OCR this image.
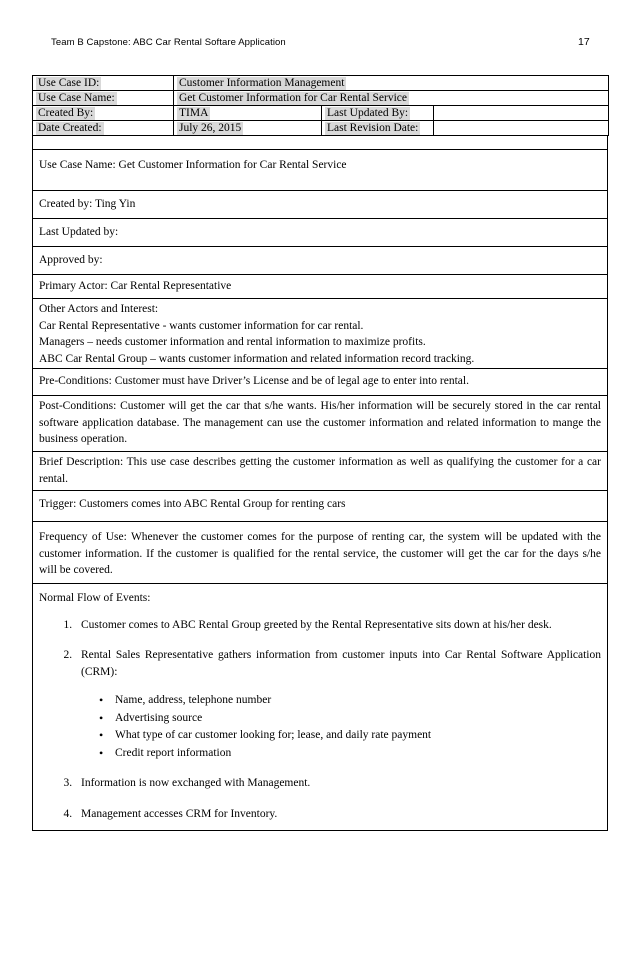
Team B Capstone: ABC Car Rental Softare Application	17
Use Case ID:	Customer Information Management		
Use Case Name:	Get Customer Information for Car Rental Service		
Created By:	TIMA	Last Updated By:	
Date Created:	July 26, 2015	Last Revision Date:	
Use Case Name: Get Customer Information for Car Rental Service
Created by: Ting Yin
Last Updated by:
Approved by:
Primary Actor: Car Rental Representative
Other Actors and Interest:
Car Rental Representative - wants customer information for car rental.
Managers – needs customer information and rental information to maximize profits.
ABC Car Rental Group – wants customer information and related information record tracking.
Pre-Conditions: Customer must have Driver’s License and be of legal age to enter into rental.
Post-Conditions: Customer will get the car that s/he wants. His/her information will be securely stored in the car rental software application database. The management can use the customer information and related information to mange the business operation.
Brief Description: This use case describes getting the customer information as well as qualifying the customer for a car rental.
Trigger: Customers comes into ABC Rental Group for renting cars
Frequency of Use: Whenever the customer comes for the purpose of renting car, the system will be updated with the customer information. If the customer is qualified for the rental service, the customer will get the car for the days s/he will be covered.
Normal Flow of Events:
1. Customer comes to ABC Rental Group greeted by the Rental Representative sits down at his/her desk.
2. Rental Sales Representative gathers information from customer inputs into Car Rental Software Application (CRM):
• Name, address, telephone number
• Advertising source
• What type of car customer looking for; lease, and daily rate payment
• Credit report information
3. Information is now exchanged with Management.
4. Management accesses CRM for Inventory.
